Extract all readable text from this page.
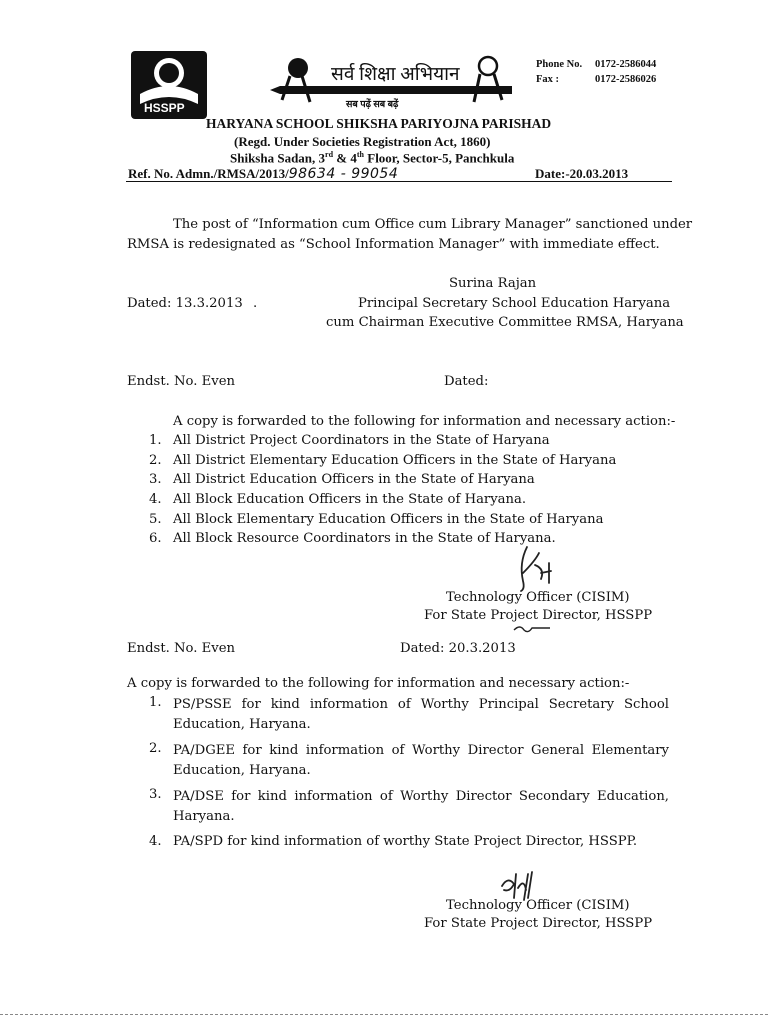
HSSPP
सर्व शिक्षा अभियान
सब पढ़ें सब बढ़ें
Phone No. 0172-2586044
Fax :	0172-2586026
HARYANA SCHOOL SHIKSHA PARIYOJNA PARISHAD
(Regd. Under Societies Registration Act, 1860)
Shiksha Sadan, 3rd & 4th Floor, Sector-5, Panchkula
Ref. No. Admn./RMSA/2013/98634 - 99054	Date:-20.03.2013
The post of “Information cum Office cum Library Manager” sanctioned under
RMSA is redesignated as “School Information Manager” with immediate effect.
Surina Rajan
Dated: 13.3.2013 .	Principal Secretary School Education Haryana
cum Chairman Executive Committee RMSA, Haryana
Endst. No. Even	Dated:
A copy is forwarded to the following for information and necessary action:-
1. All District Project Coordinators in the State of Haryana
2. All District Elementary Education Officers in the State of Haryana
3. All District Education Officers in the State of Haryana
4. All Block Education Officers in the State of Haryana.
5. All Block Elementary Education Officers in the State of Haryana
6. All Block Resource Coordinators in the State of Haryana.
Technology Officer (CISIM)
For State Project Director, HSSPP
Endst. No. Even	Dated: 20.3.2013
A copy is forwarded to the following for information and necessary action:-
1. PS/PSSE for kind information of Worthy Principal Secretary School Education, Haryana.
2. PA/DGEE for kind information of Worthy Director General Elementary Education, Haryana.
3. PA/DSE for kind information of Worthy Director Secondary Education, Haryana.
4. PA/SPD for kind information of worthy State Project Director, HSSPP.
Technology Officer (CISIM)
For State Project Director, HSSPP
